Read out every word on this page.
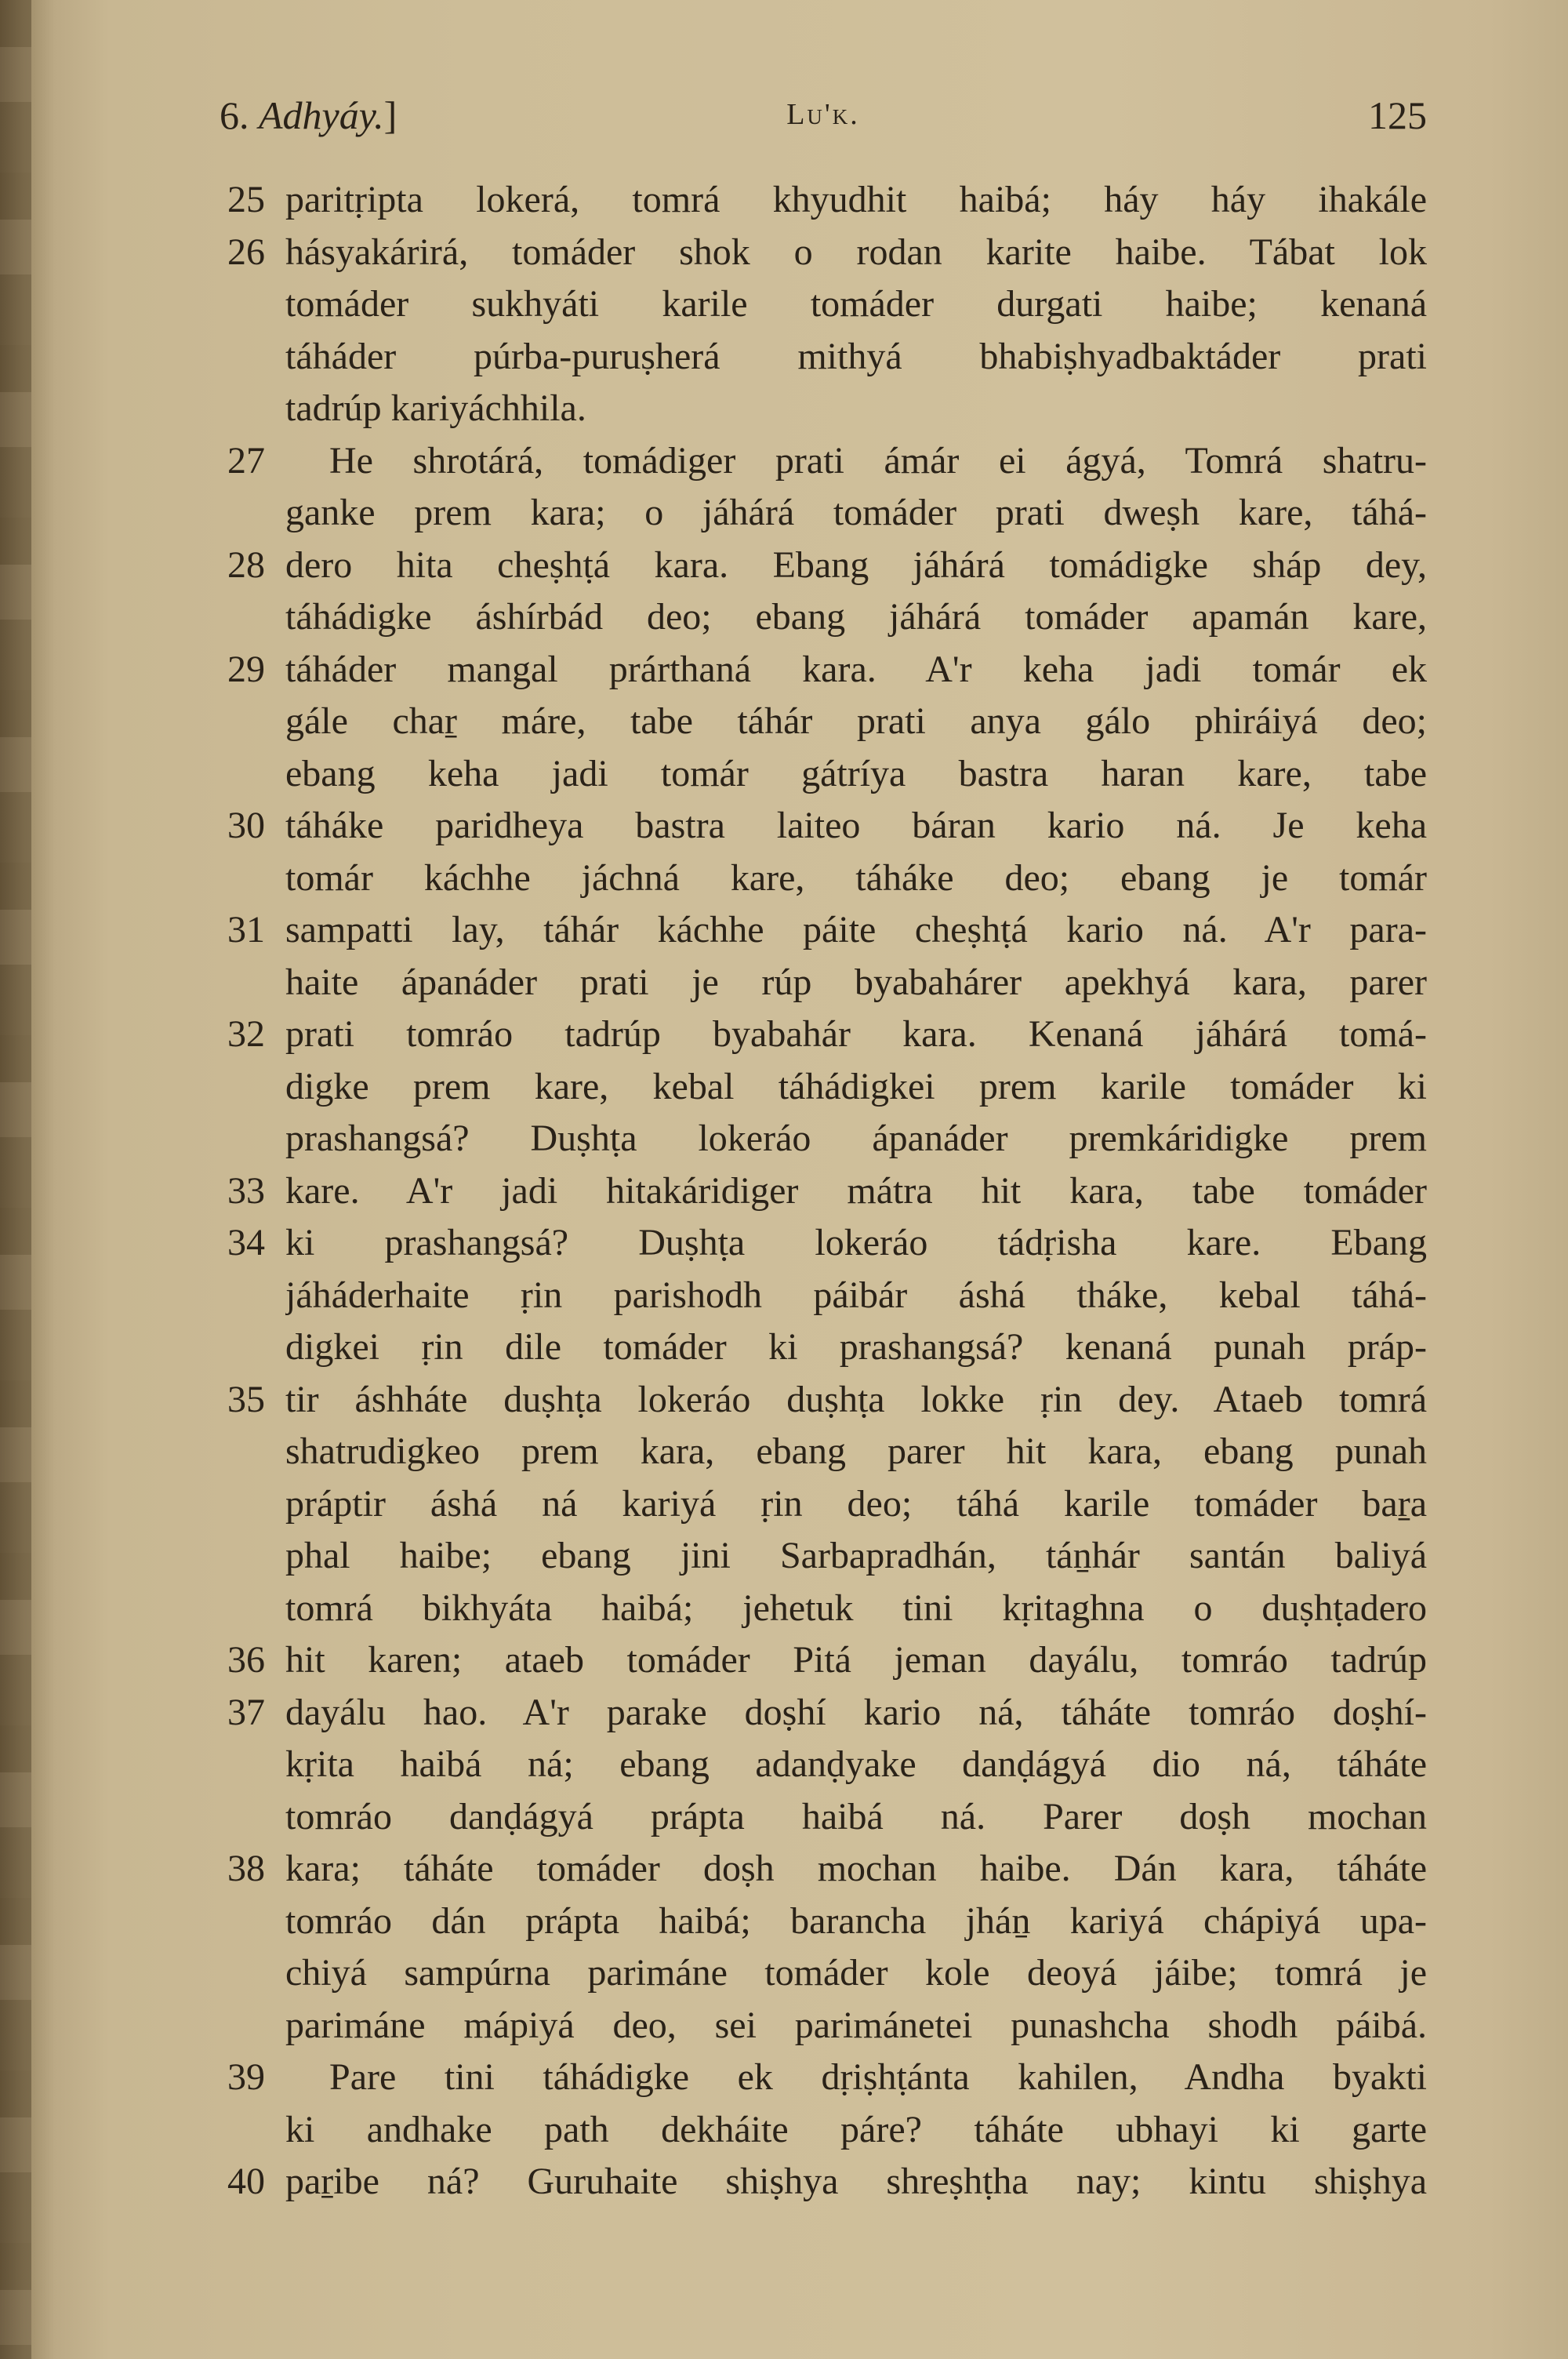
6. Adhyáy.]	Lu'k.	125
25 paritṛipta lokerá, tomrá khyudhit haibá; háy háy ihakále
26 hásyakárirá, tomáder shok o rodan karite haibe. Tábat lok
tomáder sukhyáti karile tomáder durgati haibe; kenaná
táháder púrba-puruṣherá mithyá bhabiṣhyadbaktáder prati
tadrúp kariyáchhila.
27 He shrotárá, tomádiger prati ámár ei ágyá, Tomrá shatru-
ganke prem kara; o jáhárá tomáder prati dweṣh kare, táhá-
28 dero hita cheṣhṭá kara. Ebang jáhárá tomádigke sháp dey,
táhádigke áshírbád deo; ebang jáhárá tomáder apamán kare,
29 táháder mangal prárthaná kara. A'r keha jadi tomár ek
gále chaṟ máre, tabe táhár prati anya gálo phiráiyá deo;
ebang keha jadi tomár gátríya bastra haran kare, tabe
30 táháke paridheya bastra laiteo báran kario ná. Je keha
tomár káchhe jáchná kare, táháke deo; ebang je tomár
31 sampatti lay, táhár káchhe páite cheṣhṭá kario ná. A'r para-
haite ápanáder prati je rúp byabahárer apekhyá kara, parer
32 prati tomráo tadrúp byabahár kara. Kenaná jáhárá tomá-
digke prem kare, kebal táhádigkei prem karile tomáder ki
prashangsá? Duṣhṭa lokeráo ápanáder premkáridigke prem
33 kare. A'r jadi hitakáridiger mátra hit kara, tabe tomáder
34 ki prashangsá? Duṣhṭa lokeráo tádṛisha kare. Ebang
jáháderhaite ṛin parishodh páibár áshá tháke, kebal táhá-
digkei ṛin dile tomáder ki prashangsá? kenaná punah práp-
35 tir áshháte duṣhṭa lokeráo duṣhṭa lokke ṛin dey. Ataeb tomrá
shatrudigkeo prem kara, ebang parer hit kara, ebang punah
práptir áshá ná kariyá ṛin deo; táhá karile tomáder baṟa
phal haibe; ebang jini Sarbapradhán, táṉhár santán baliyá
tomrá bikhyáta haibá; jehetuk tini kṛitaghna o duṣhṭadero
36 hit karen; ataeb tomáder Pitá jeman dayálu, tomráo tadrúp
37 dayálu hao. A'r parake doṣhí kario ná, táháte tomráo doṣhí-
kṛita haibá ná; ebang adanḍyake danḍágyá dio ná, táháte
tomráo danḍágyá prápta haibá ná. Parer doṣh mochan
38 kara; táháte tomáder doṣh mochan haibe. Dán kara, táháte
tomráo dán prápta haibá; barancha jháṉ kariyá chápiyá upa-
chiyá sampúrna parimáne tomáder kole deoyá jáibe; tomrá je
parimáne mápiyá deo, sei parimánetei punashcha shodh páibá.
39 Pare tini táhádigke ek dṛiṣhṭánta kahilen, Andha byakti
ki andhake path dekháite páre? táháte ubhayi ki garte
40 paṟibe ná? Guruhaite shiṣhya shreṣhṭha nay; kintu shiṣhya
